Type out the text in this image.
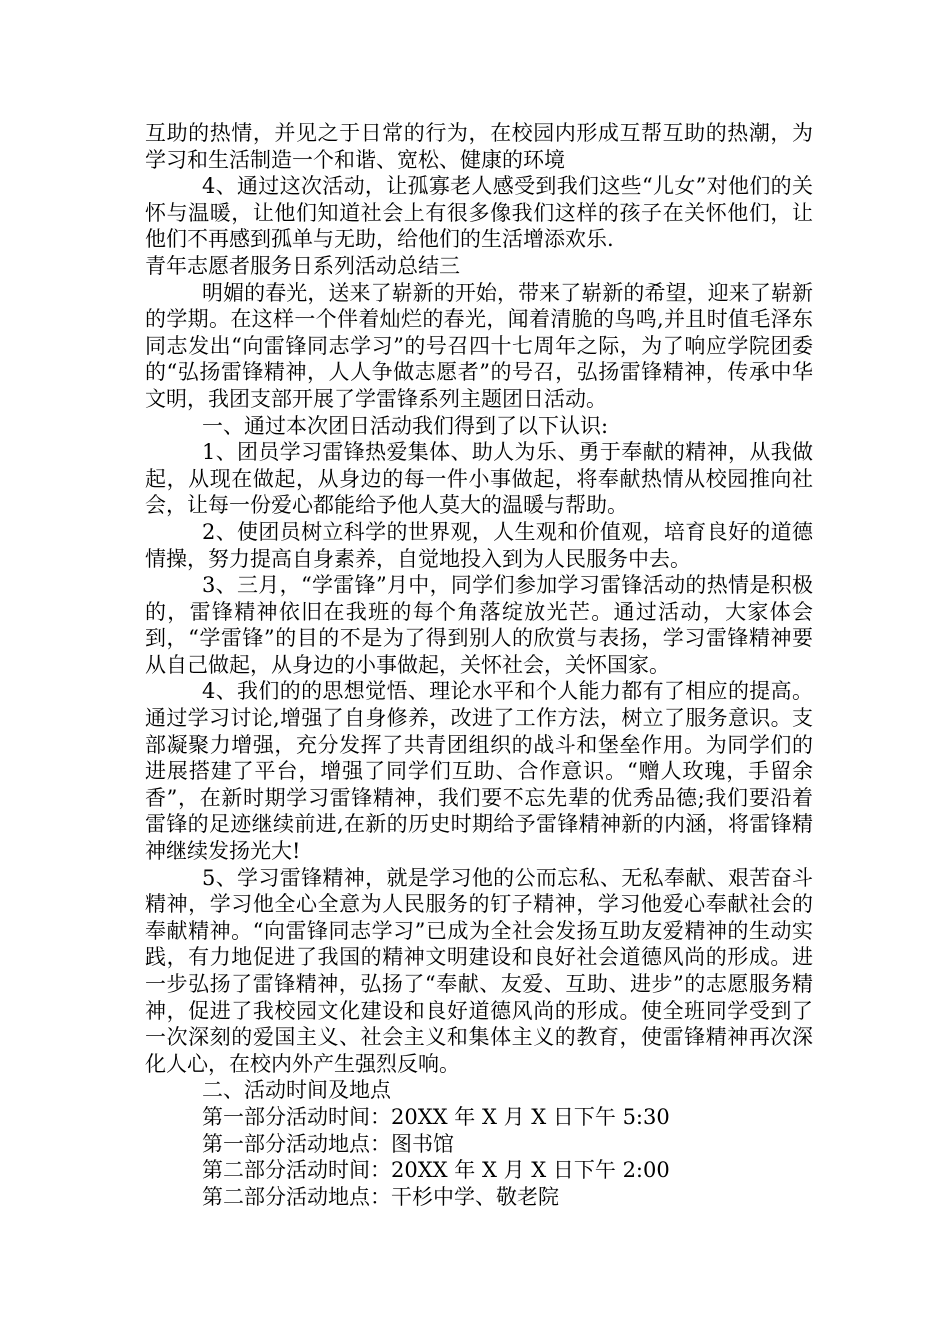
互助的热情，并见之于日常的行为，在校园内形成互帮互助的热潮，为学习和生活制造一个和谐、宽松、健康的环境

4、通过这次活动，让孤寡老人感受到我们这些“儿女”对他们的关怀与温暖，让他们知道社会上有很多像我们这样的孩子在关怀他们，让他们不再感到孤单与无助，给他们的生活增添欢乐.

青年志愿者服务日系列活动总结三

明媚的春光，送来了崭新的开始，带来了崭新的希望，迎来了崭新的学期。在这样一个伴着灿烂的春光，闻着清脆的鸟鸣,并且时值毛泽东同志发出“向雷锋同志学习”的号召四十七周年之际，为了响应学院团委的“弘扬雷锋精神，人人争做志愿者”的号召，弘扬雷锋精神，传承中华文明，我团支部开展了学雷锋系列主题团日活动。

一、通过本次团日活动我们得到了以下认识:

1、团员学习雷锋热爱集体、助人为乐、勇于奉献的精神，从我做起，从现在做起，从身边的每一件小事做起，将奉献热情从校园推向社会，让每一份爱心都能给予他人莫大的温暖与帮助。

2、使团员树立科学的世界观，人生观和价值观，培育良好的道德情操，努力提高自身素养，自觉地投入到为人民服务中去。

3、三月，“学雷锋”月中，同学们参加学习雷锋活动的热情是积极的，雷锋精神依旧在我班的每个角落绽放光芒。通过活动，大家体会到，“学雷锋”的目的不是为了得到别人的欣赏与表扬，学习雷锋精神要从自己做起，从身边的小事做起，关怀社会，关怀国家。

4、我们的的思想觉悟、理论水平和个人能力都有了相应的提高。通过学习讨论,增强了自身修养，改进了工作方法，树立了服务意识。支部凝聚力增强，充分发挥了共青团组织的战斗和堡垒作用。为同学们的进展搭建了平台，增强了同学们互助、合作意识。“赠人玫瑰，手留余香”，在新时期学习雷锋精神，我们要不忘先辈的优秀品德;我们要沿着雷锋的足迹继续前进,在新的历史时期给予雷锋精神新的内涵，将雷锋精神继续发扬光大!

5、学习雷锋精神，就是学习他的公而忘私、无私奉献、艰苦奋斗精神，学习他全心全意为人民服务的钉子精神，学习他爱心奉献社会的奉献精神。“向雷锋同志学习”已成为全社会发扬互助友爱精神的生动实践，有力地促进了我国的精神文明建设和良好社会道德风尚的形成。进一步弘扬了雷锋精神，弘扬了“奉献、友爱、互助、进步”的志愿服务精神，促进了我校园文化建设和良好道德风尚的形成。使全班同学受到了一次深刻的爱国主义、社会主义和集体主义的教育，使雷锋精神再次深化人心，在校内外产生强烈反响。

二、活动时间及地点

第一部分活动时间：20XX 年 X 月 X 日下午 5:30

第一部分活动地点：图书馆

第二部分活动时间：20XX 年 X 月 X 日下午 2:00

第二部分活动地点：干杉中学、敬老院
